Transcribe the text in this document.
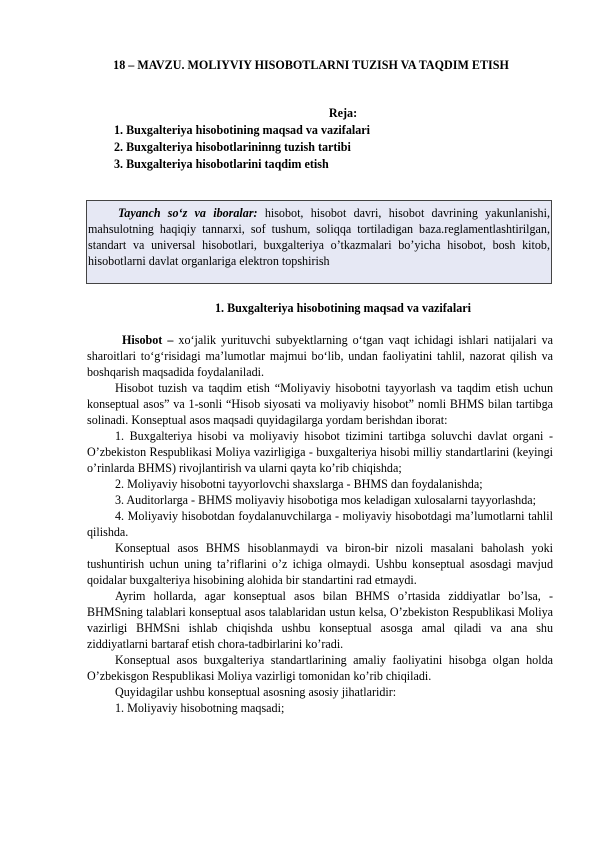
18 – MAVZU. MOLIYVIY HISOBOTLARNI TUZISH VA TAQDIM ETISH
Reja:
1. Buxgalteriya hisobotining maqsad va vazifalari
2. Buxgalteriya hisobotlarininng tuzish tartibi
3. Buxgalteriya hisobotlarini taqdim etish

Tayanch so‘z va iboralar: hisobot, hisobot davri, hisobot davrining yakunlanishi, mahsulotning haqiqiy tannarxi, sof tushum, soliqqa tortiladigan baza.reglamentlashtirilgan, standart va universal hisobotlari, buxgalteriya o’tkazmalari bo’yicha hisobot, bosh kitob, hisobotlarni davlat organlariga elektron topshirish

1. Buxgalteriya hisobotining maqsad va vazifalari

Hisobot – xo‘jalik yurituvchi subyektlarning o‘tgan vaqt ichidagi ishlari natijalari va sharoitlari to‘g‘risidagi ma’lumotlar majmui bo‘lib, undan faoliyatini tahlil, nazorat qilish va boshqarish maqsadida foydalaniladi.

Hisobot tuzish va taqdim etish “Moliyaviy hisobotni tayyorlash va taqdim etish uchun konseptual asos” va 1-sonli “Hisob siyosati va moliyaviy hisobot” nomli BHMS bilan tartibga solinadi. Konseptual asos maqsadi quyidagilarga yordam berishdan iborat:

1. Buxgalteriya hisobi va moliyaviy hisobot tizimini tartibga soluvchi davlat organi - O’zbekiston Respublikasi Moliya vazirligiga - buxgalteriya hisobi milliy standartlarini (keyingi o’rinlarda BHMS) rivojlantirish va ularni qayta ko’rib chiqishda;

2. Moliyaviy hisobotni tayyorlovchi shaxslarga - BHMS dan foydalanishda;

3. Auditorlarga - BHMS moliyaviy hisobotiga mos keladigan xulosalarni tayyorlashda;

4. Moliyaviy hisobotdan foydalanuvchilarga - moliyaviy hisobotdagi ma’lumotlarni tahlil qilishda.

Konseptual asos BHMS hisoblanmaydi va biron-bir nizoli masalani baholash yoki tushuntirish uchun uning ta’riflarini o’z ichiga olmaydi. Ushbu konseptual asosdagi mavjud qoidalar buxgalteriya hisobining alohida bir standartini rad etmaydi.

Ayrim hollarda, agar konseptual asos bilan BHMS o’rtasida ziddiyatlar bo’lsa, - BHMSning talablari konseptual asos talablaridan ustun kelsa, O’zbekiston Respublikasi Moliya vazirligi BHMSni ishlab chiqishda ushbu konseptual asosga amal qiladi va ana shu ziddiyatlarni bartaraf etish chora-tadbirlarini ko’radi.

Konseptual asos buxgalteriya standartlarining amaliy faoliyatini hisobga olgan holda O’zbekisgon Respublikasi Moliya vazirligi tomonidan ko’rib chiqiladi.

Quyidagilar ushbu konseptual asosning asosiy jihatlaridir:

1. Moliyaviy hisobotning maqsadi;
